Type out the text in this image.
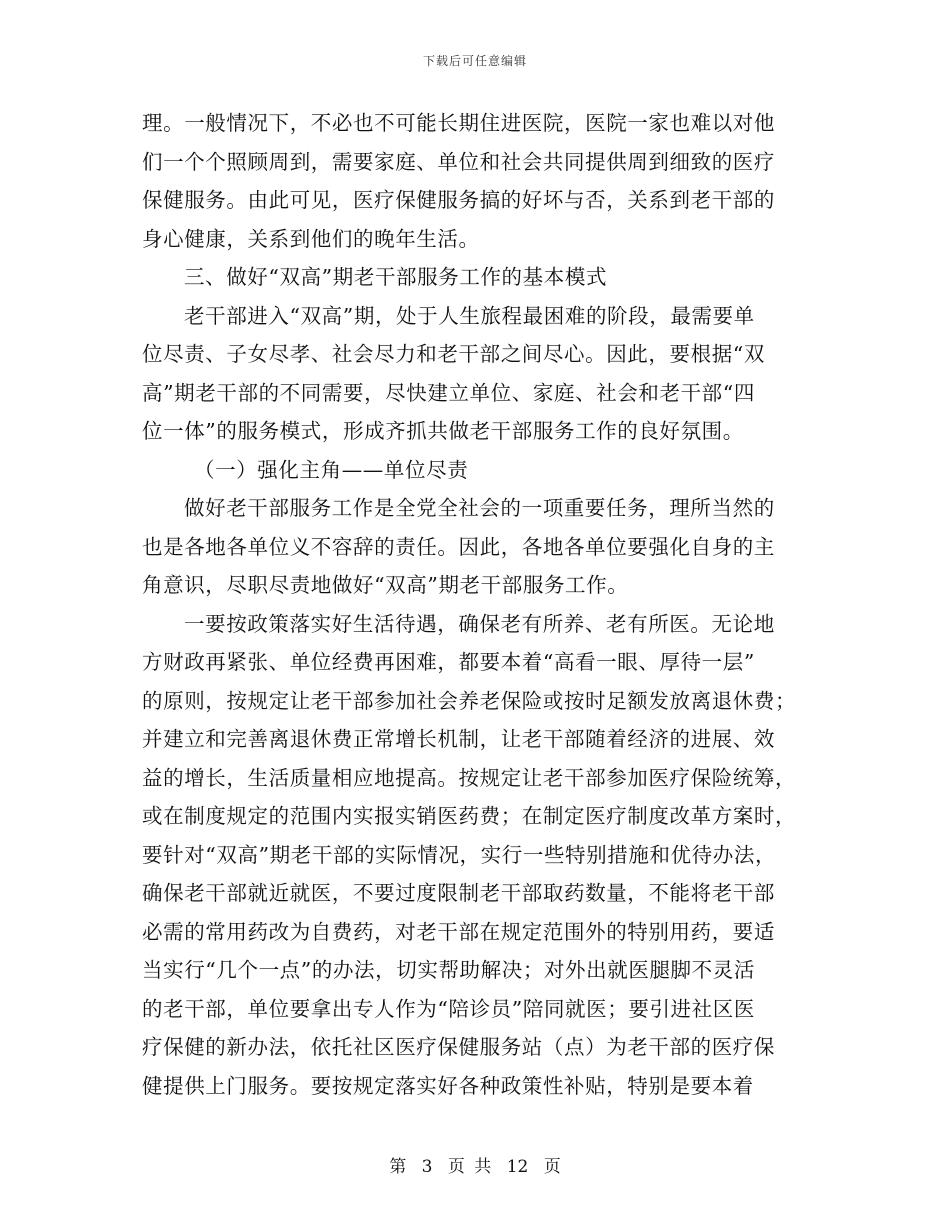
下载后可任意编辑
理。一般情况下，不必也不可能长期住进医院，医院一家也难以对他
们一个个照顾周到，需要家庭、单位和社会共同提供周到细致的医疗
保健服务。由此可见，医疗保健服务搞的好坏与否，关系到老干部的
身心健康，关系到他们的晚年生活。
三、做好“双高”期老干部服务工作的基本模式
老干部进入“双高”期，处于人生旅程最困难的阶段，最需要单
位尽责、子女尽孝、社会尽力和老干部之间尽心。因此，要根据“双
高”期老干部的不同需要，尽快建立单位、家庭、社会和老干部“四
位一体”的服务模式，形成齐抓共做老干部服务工作的良好氛围。
（一）强化主角——单位尽责
做好老干部服务工作是全党全社会的一项重要任务，理所当然的
也是各地各单位义不容辞的责任。因此，各地各单位要强化自身的主
角意识，尽职尽责地做好“双高”期老干部服务工作。
一要按政策落实好生活待遇，确保老有所养、老有所医。无论地
方财政再紧张、单位经费再困难，都要本着“高看一眼、厚待一层”
的原则，按规定让老干部参加社会养老保险或按时足额发放离退休费；
并建立和完善离退休费正常增长机制，让老干部随着经济的进展、效
益的增长，生活质量相应地提高。按规定让老干部参加医疗保险统筹，
或在制度规定的范围内实报实销医药费；在制定医疗制度改革方案时，
要针对“双高”期老干部的实际情况，实行一些特别措施和优待办法，
确保老干部就近就医，不要过度限制老干部取药数量，不能将老干部
必需的常用药改为自费药，对老干部在规定范围外的特别用药，要适
当实行“几个一点”的办法，切实帮助解决；对外出就医腿脚不灵活
的老干部，单位要拿出专人作为“陪诊员”陪同就医；要引进社区医
疗保健的新办法，依托社区医疗保健服务站（点）为老干部的医疗保
健提供上门服务。要按规定落实好各种政策性补贴，特别是要本着
第 3 页 共 12 页
